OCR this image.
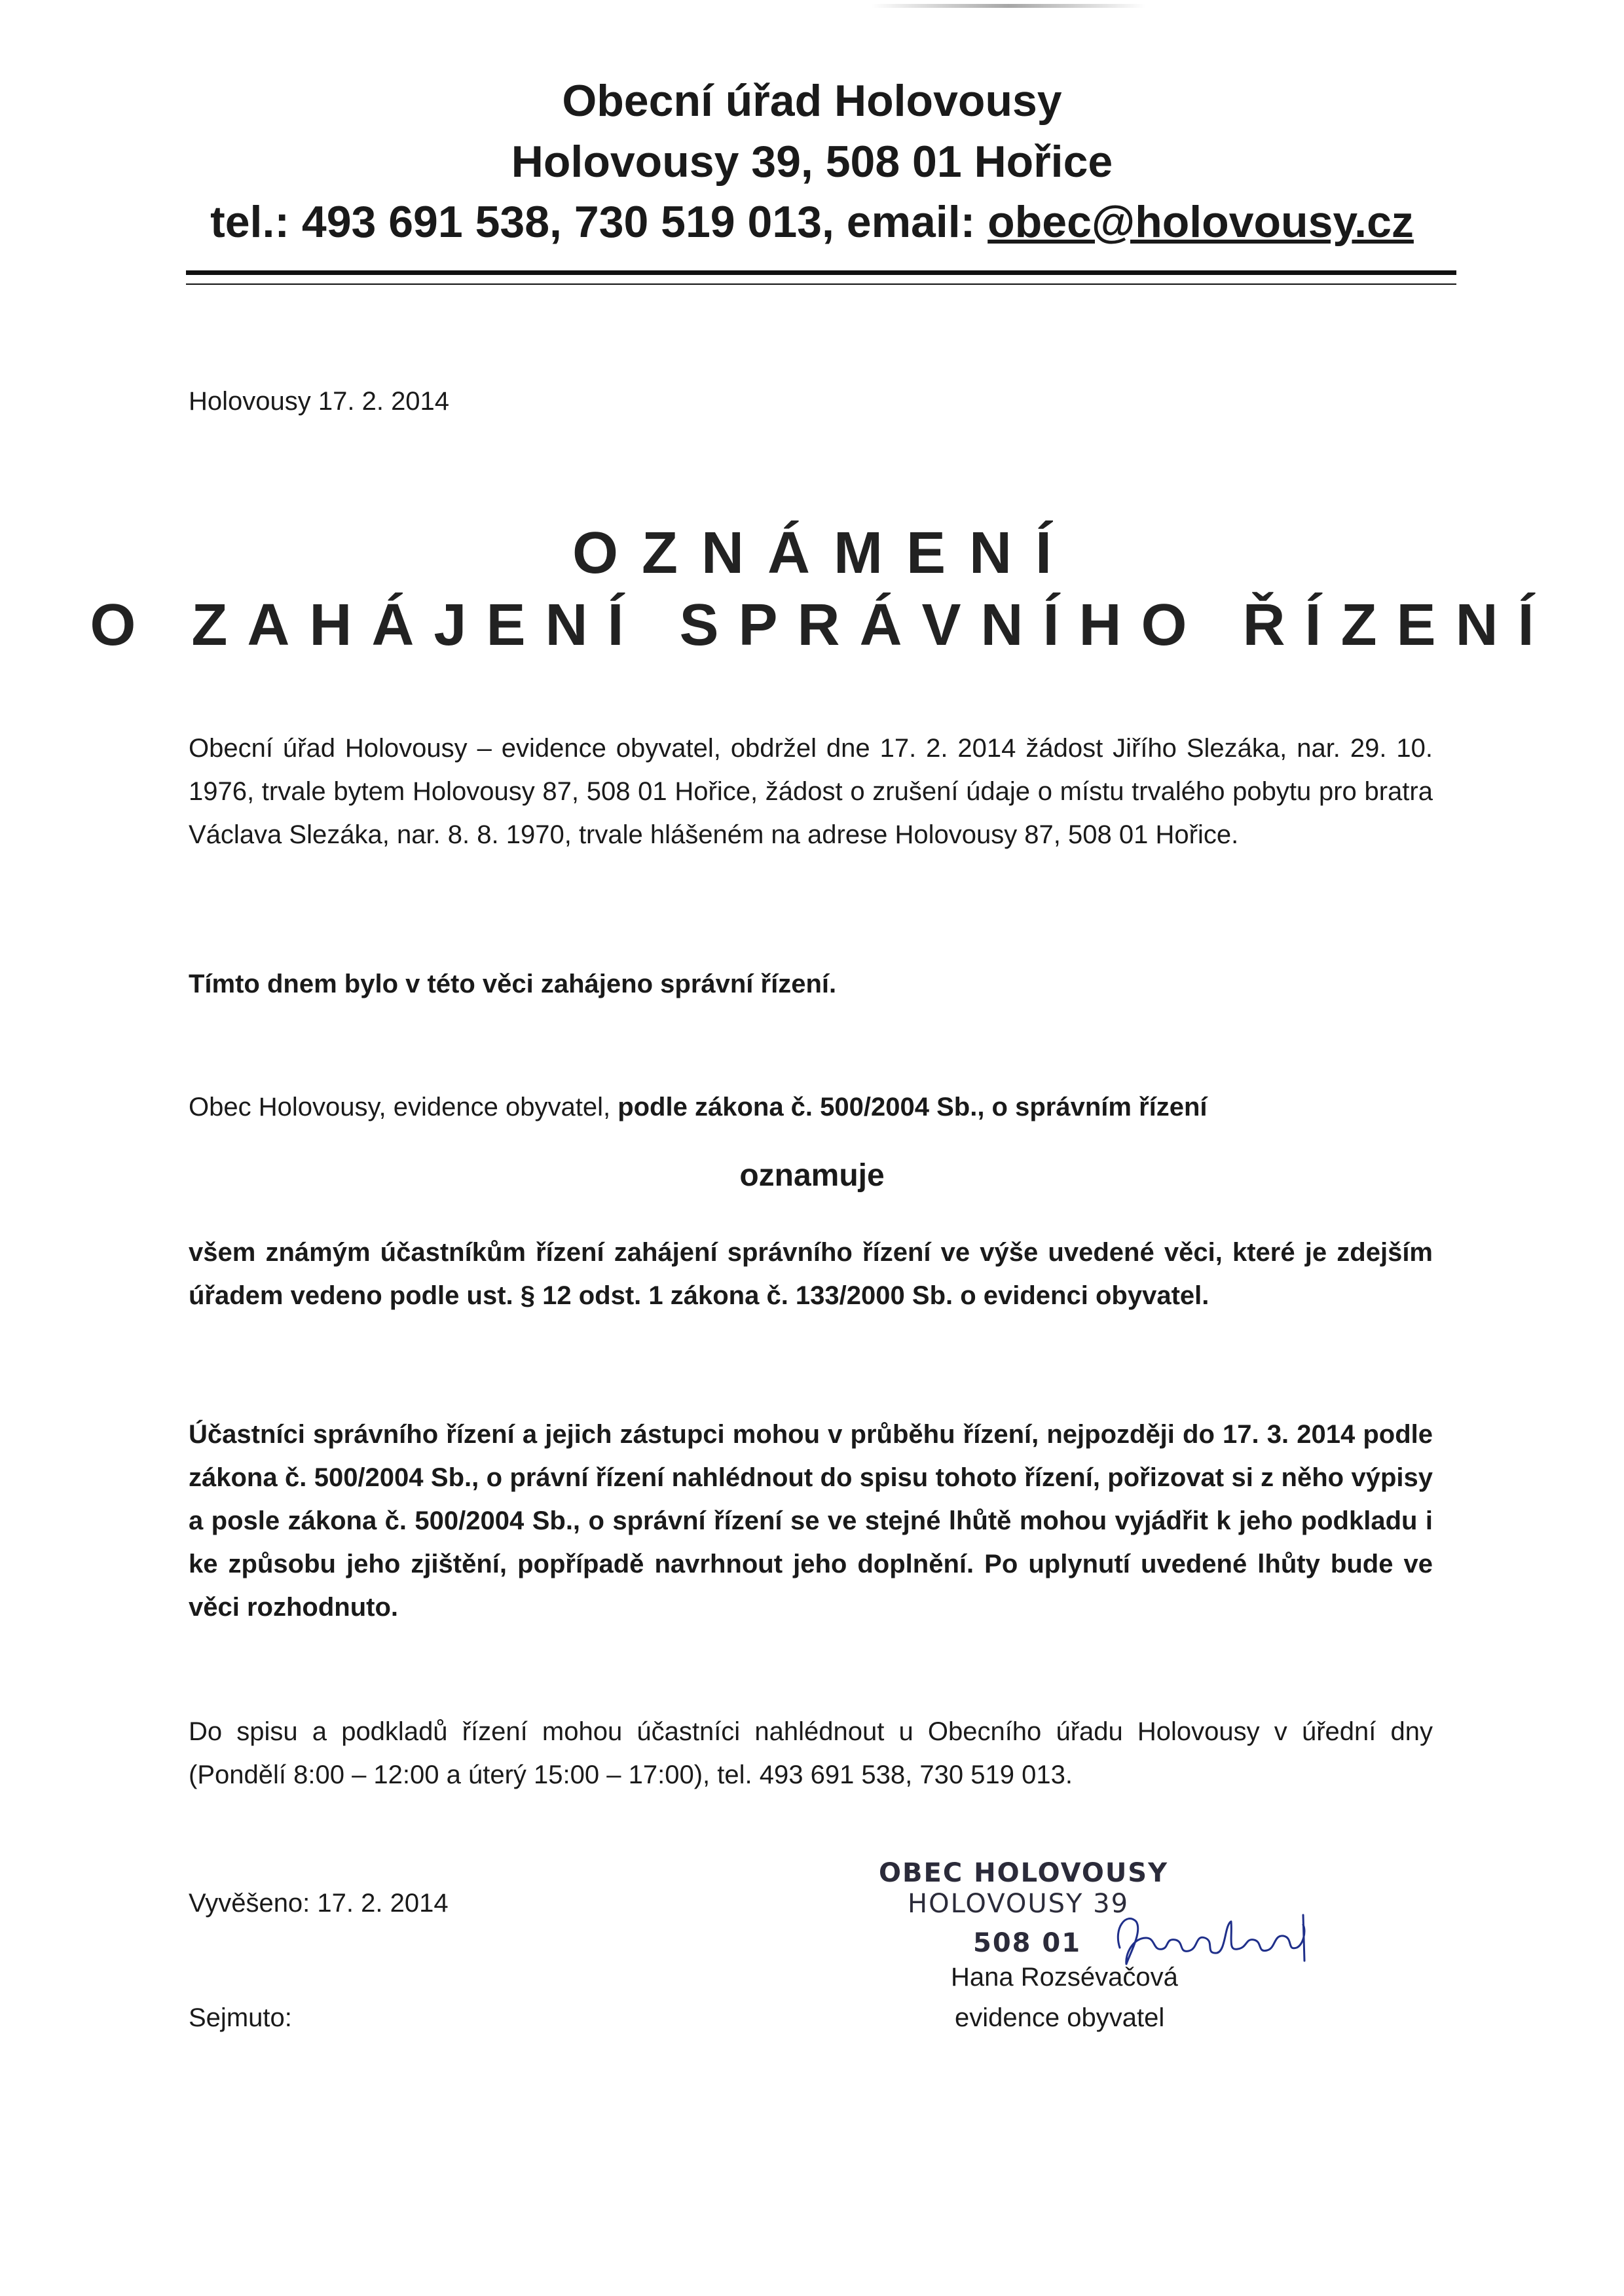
Obecní úřad Holovousy
Holovousy 39, 508 01 Hořice
tel.: 493 691 538, 730 519 013, email: obec@holovousy.cz
Holovousy 17. 2. 2014
OZNÁMENÍ
O ZAHÁJENÍ SPRÁVNÍHO ŘÍZENÍ
Obecní úřad Holovousy – evidence obyvatel, obdržel dne 17. 2. 2014 žádost Jiřího Slezáka, nar. 29. 10. 1976, trvale bytem Holovousy 87, 508 01 Hořice, žádost o zrušení údaje o místu trvalého pobytu pro bratra Václava Slezáka, nar. 8. 8. 1970, trvale hlášeném na adrese Holovousy 87, 508 01 Hořice.
Tímto dnem bylo v této věci zahájeno správní řízení.
Obec Holovousy, evidence obyvatel, podle zákona č. 500/2004 Sb., o správním řízení
oznamuje
všem známým účastníkům řízení zahájení správního řízení ve výše uvedené věci, které je zdejším úřadem vedeno podle ust. § 12 odst. 1 zákona č. 133/2000 Sb. o evidenci obyvatel.
Účastníci správního řízení a jejich zástupci mohou v průběhu řízení, nejpozději do 17. 3. 2014 podle zákona č. 500/2004 Sb., o právní řízení nahlédnout do spisu tohoto řízení, pořizovat si z něho výpisy a posle zákona č. 500/2004 Sb., o správní řízení se ve stejné lhůtě mohou vyjádřit k jeho podkladu i ke způsobu jeho zjištění, popřípadě navrhnout jeho doplnění. Po uplynutí uvedené lhůty bude ve věci rozhodnuto.
Do spisu a podkladů řízení mohou účastníci nahlédnout u Obecního úřadu Holovousy v úřední dny (Pondělí 8:00 – 12:00 a úterý 15:00 – 17:00), tel. 493 691 538, 730 519 013.
Vyvěšeno: 17. 2. 2014
Sejmuto:
OBEC HOLOVOUSY
HOLOVOUSY 39
508 01
Hana Rozsévačová
evidence obyvatel
